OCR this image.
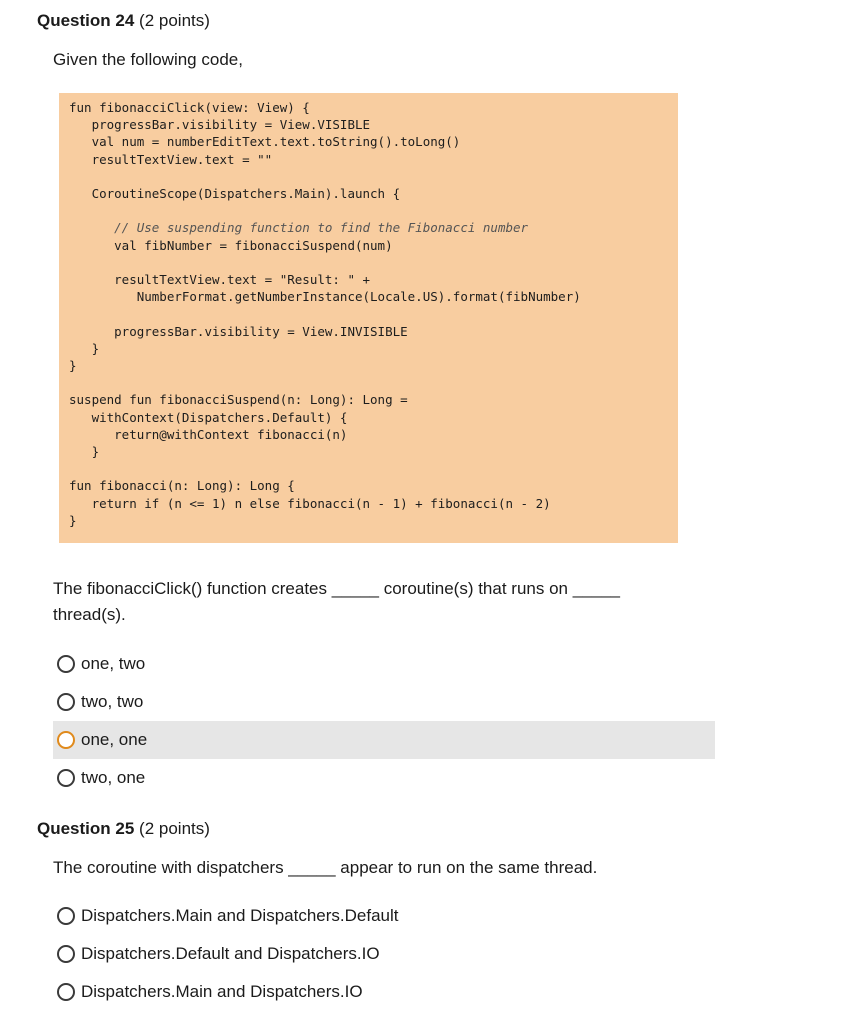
Question 24 (2 points)
Given the following code,
fun fibonacciClick(view: View) {
progressBar.visibility = View.VISIBLE
val num = numberEditText.text.toString().toLong()
resultTextView.text = ""

CoroutineScope(Dispatchers.Main).launch {

// Use suspending function to find the Fibonacci number
val fibNumber = fibonacciSuspend(num)

resultTextView.text = "Result: " +
NumberFormat.getNumberInstance(Locale.US).format(fibNumber)

progressBar.visibility = View.INVISIBLE
}
}

suspend fun fibonacciSuspend(n: Long): Long =
withContext(Dispatchers.Default) {
return@withContext fibonacci(n)
}

fun fibonacci(n: Long): Long {
return if (n <= 1) n else fibonacci(n - 1) + fibonacci(n - 2)
}
The fibonacciClick() function creates _____ coroutine(s) that runs on _____
thread(s).
one, two
two, two
one, one
two, one
Question 25 (2 points)
The coroutine with dispatchers _____ appear to run on the same thread.
Dispatchers.Main and Dispatchers.Default
Dispatchers.Default and Dispatchers.IO
Dispatchers.Main and Dispatchers.IO
